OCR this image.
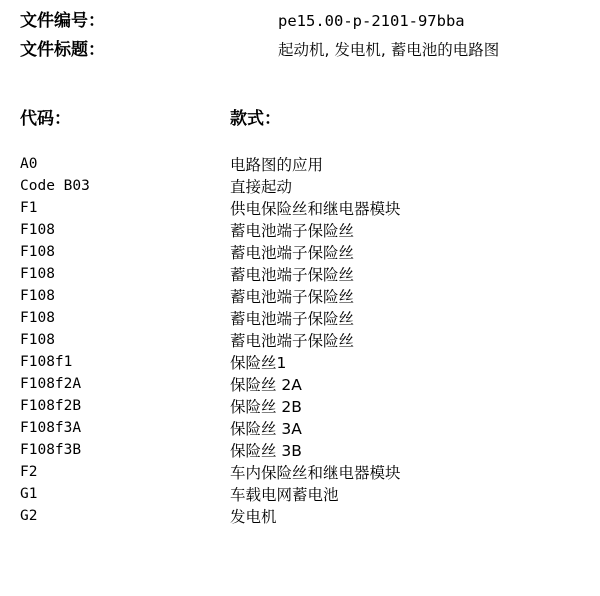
文件编号：	pe15.00-p-2101-97bba
文件标题：	起动机, 发电机, 蓄电池的电路图
代码：	款式：
A0	电路图的应用
Code B03	直接起动
F1	供电保险丝和继电器模块
F108	蓄电池端子保险丝
F108	蓄电池端子保险丝
F108	蓄电池端子保险丝
F108	蓄电池端子保险丝
F108	蓄电池端子保险丝
F108	蓄电池端子保险丝
F108f1	保险丝1
F108f2A	保险丝 2A
F108f2B	保险丝 2B
F108f3A	保险丝 3A
F108f3B	保险丝 3B
F2	车内保险丝和继电器模块
G1	车载电网蓄电池
G2	发电机
